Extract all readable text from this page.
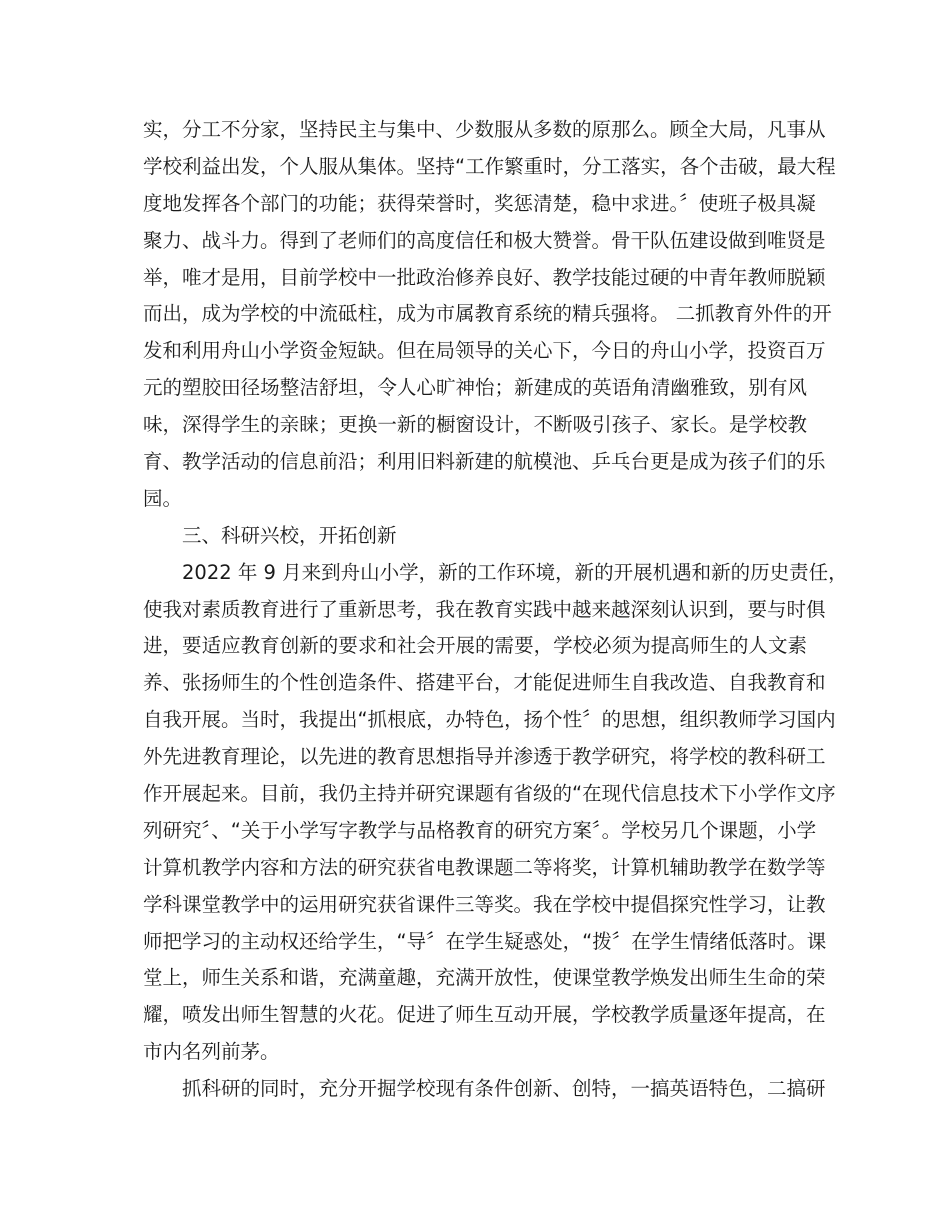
实，分工不分家，坚持民主与集中、少数服从多数的原那么。顾全大局，凡事从
学校利益出发，个人服从集体。坚持“工作繁重时，分工落实，各个击破，最大程
度地发挥各个部门的功能；获得荣誉时，奖惩清楚，稳中求进。〞使班子极具凝
聚力、战斗力。得到了老师们的高度信任和极大赞誉。骨干队伍建设做到唯贤是
举，唯才是用，目前学校中一批政治修养良好、教学技能过硬的中青年教师脱颖
而出，成为学校的中流砥柱，成为市属教育系统的精兵强将。 二抓教育外件的开
发和利用舟山小学资金短缺。但在局领导的关心下，今日的舟山小学，投资百万
元的塑胶田径场整洁舒坦，令人心旷神怡；新建成的英语角清幽雅致，别有风
味，深得学生的亲睐；更换一新的橱窗设计，不断吸引孩子、家长。是学校教
育、教学活动的信息前沿；利用旧料新建的航模池、乒乓台更是成为孩子们的乐
园。
三、科研兴校，开拓创新
2022 年 9 月来到舟山小学，新的工作环境，新的开展机遇和新的历史责任，
使我对素质教育进行了重新思考，我在教育实践中越来越深刻认识到，要与时俱
进，要适应教育创新的要求和社会开展的需要，学校必须为提高师生的人文素
养、张扬师生的个性创造条件、搭建平台，才能促进师生自我改造、自我教育和
自我开展。当时，我提出“抓根底，办特色，扬个性〞的思想，组织教师学习国内
外先进教育理论，以先进的教育思想指导并渗透于教学研究，将学校的教科研工
作开展起来。目前，我仍主持并研究课题有省级的“在现代信息技术下小学作文序
列研究〞、“关于小学写字教学与品格教育的研究方案〞。学校另几个课题，小学
计算机教学内容和方法的研究获省电教课题二等将奖，计算机辅助教学在数学等
学科课堂教学中的运用研究获省课件三等奖。我在学校中提倡探究性学习，让教
师把学习的主动权还给学生，“导〞在学生疑惑处，“拨〞在学生情绪低落时。课
堂上，师生关系和谐，充满童趣，充满开放性，使课堂教学焕发出师生生命的荣
耀，喷发出师生智慧的火花。促进了师生互动开展，学校教学质量逐年提高，在
市内名列前茅。
抓科研的同时，充分开掘学校现有条件创新、创特，一搞英语特色，二搞研
